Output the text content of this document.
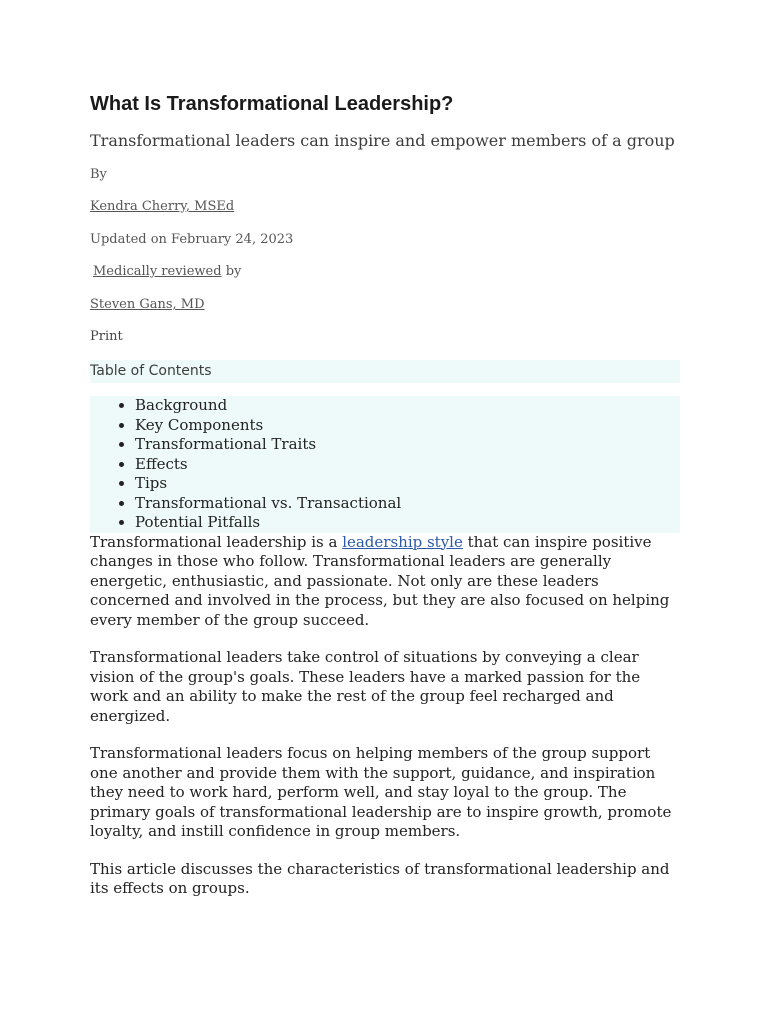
What Is Transformational Leadership?
Transformational leaders can inspire and empower members of a group
By
Kendra Cherry, MSEd
Updated on February 24, 2023
Medically reviewed by
Steven Gans, MD
Print
Table of Contents
• Background
• Key Components
• Transformational Traits
• Effects
• Tips
• Transformational vs. Transactional
• Potential Pitfalls

Transformational leadership is a leadership style that can inspire positive changes in those who follow. Transformational leaders are generally energetic, enthusiastic, and passionate. Not only are these leaders concerned and involved in the process, but they are also focused on helping every member of the group succeed.

Transformational leaders take control of situations by conveying a clear vision of the group's goals. These leaders have a marked passion for the work and an ability to make the rest of the group feel recharged and energized.

Transformational leaders focus on helping members of the group support one another and provide them with the support, guidance, and inspiration they need to work hard, perform well, and stay loyal to the group. The primary goals of transformational leadership are to inspire growth, promote loyalty, and instill confidence in group members.

This article discusses the characteristics of transformational leadership and its effects on groups.
